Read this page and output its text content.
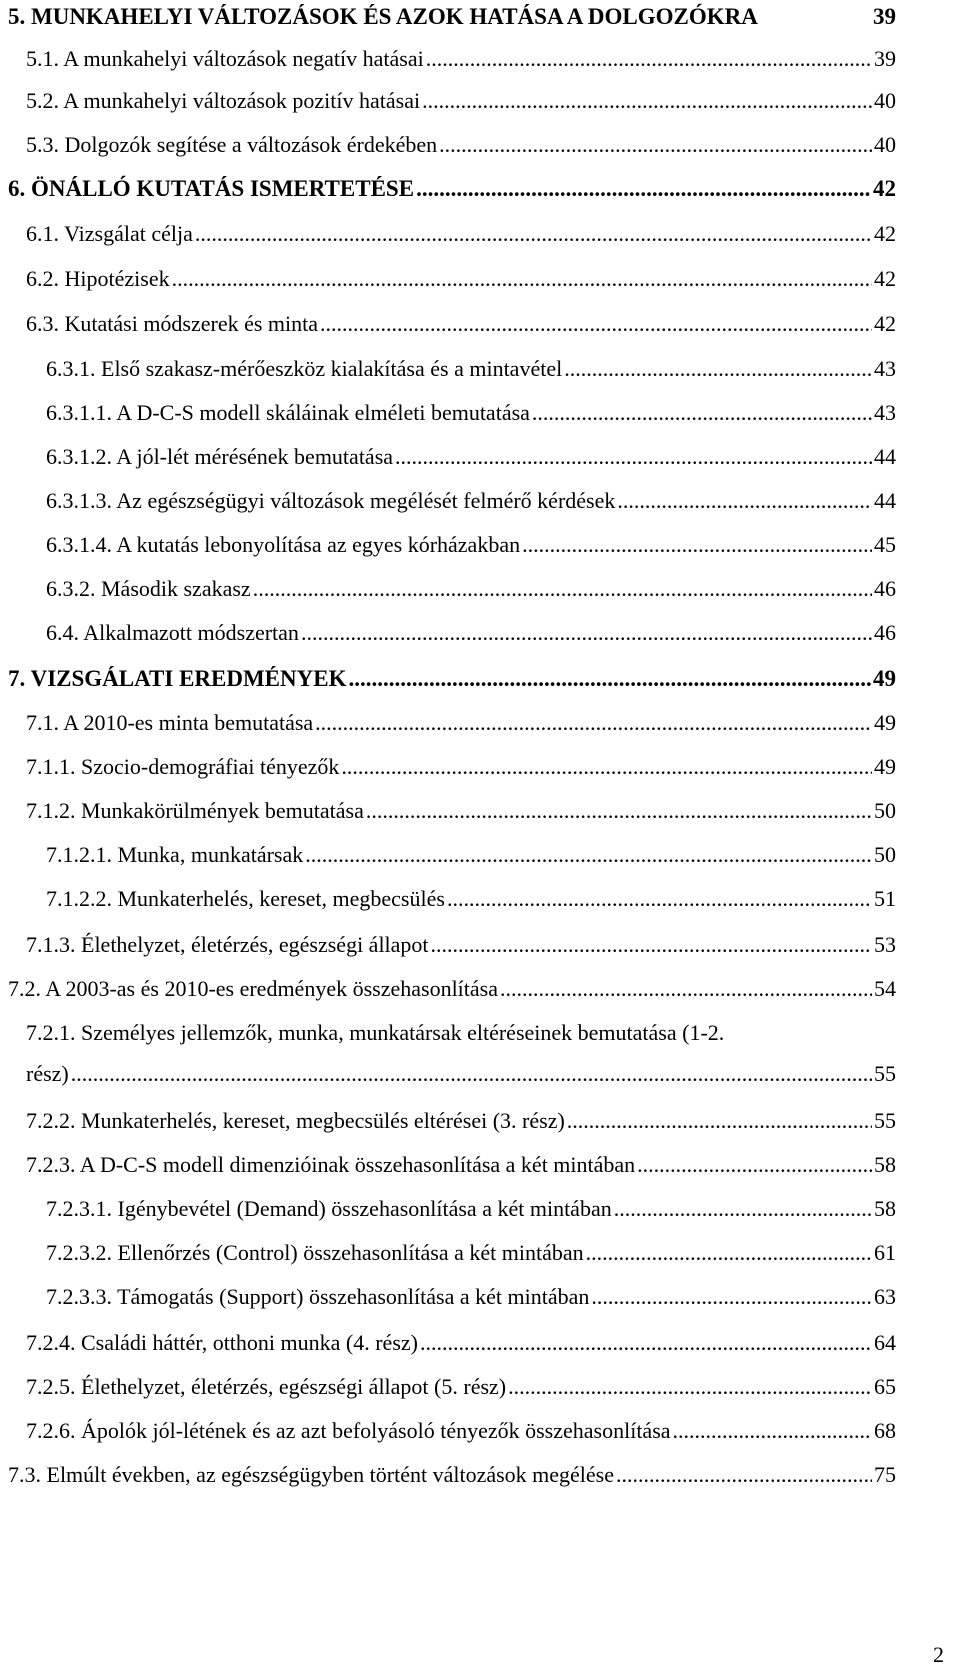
5. MUNKAHELYI VÁLTOZÁSOK ÉS AZOK HATÁSA A DOLGOZÓKRA	39
5.1. A munkahelyi változások negatív hatásai .....	39
5.2. A munkahelyi változások pozitív hatásai .....	40
5.3. Dolgozók segítése a változások érdekében .....	40
6. ÖNÁLLÓ KUTATÁS ISMERTETÉSE .....	42
6.1. Vizsgálat célja .....	42
6.2. Hipotézisek .....	42
6.3. Kutatási módszerek és minta .....	42
6.3.1. Első szakasz-mérőeszköz kialakítása és a mintavétel .....	43
6.3.1.1. A D-C-S modell skáláinak elméleti bemutatása .....	43
6.3.1.2. A jól-lét mérésének bemutatása .....	44
6.3.1.3. Az egészségügyi változások megélését felmérő kérdések .....	44
6.3.1.4. A kutatás lebonyolítása az egyes kórházakban .....	45
6.3.2. Második szakasz .....	46
6.4. Alkalmazott módszertan .....	46
7. VIZSGÁLATI EREDMÉNYEK .....	49
7.1. A 2010-es minta bemutatása .....	49
7.1.1. Szocio-demográfiai tényezők .....	49
7.1.2. Munkakörülmények bemutatása .....	50
7.1.2.1. Munka, munkatársak .....	50
7.1.2.2. Munkaterhelés, kereset, megbecsülés .....	51
7.1.3. Élethelyzet, életérzés, egészségi állapot .....	53
7.2. A 2003-as és 2010-es eredmények összehasonlítása .....	54
7.2.1. Személyes jellemzők, munka, munkatársak eltéréseinek bemutatása (1-2.
rész) .....	55
7.2.2. Munkaterhelés, kereset, megbecsülés eltérései (3. rész) .....	55
7.2.3. A D-C-S modell dimenzióinak összehasonlítása a két mintában .....	58
7.2.3.1. Igénybevétel (Demand) összehasonlítása a két mintában .....	58
7.2.3.2. Ellenőrzés (Control) összehasonlítása a két mintában .....	61
7.2.3.3. Támogatás (Support) összehasonlítása a két mintában .....	63
7.2.4. Családi háttér, otthoni munka (4. rész) .....	64
7.2.5. Élethelyzet, életérzés, egészségi állapot (5. rész) .....	65
7.2.6. Ápolók jól-létének és az azt befolyásoló tényezők összehasonlítása .....	68
7.3. Elmúlt években, az egészségügyben történt változások megélése .....	75
2
